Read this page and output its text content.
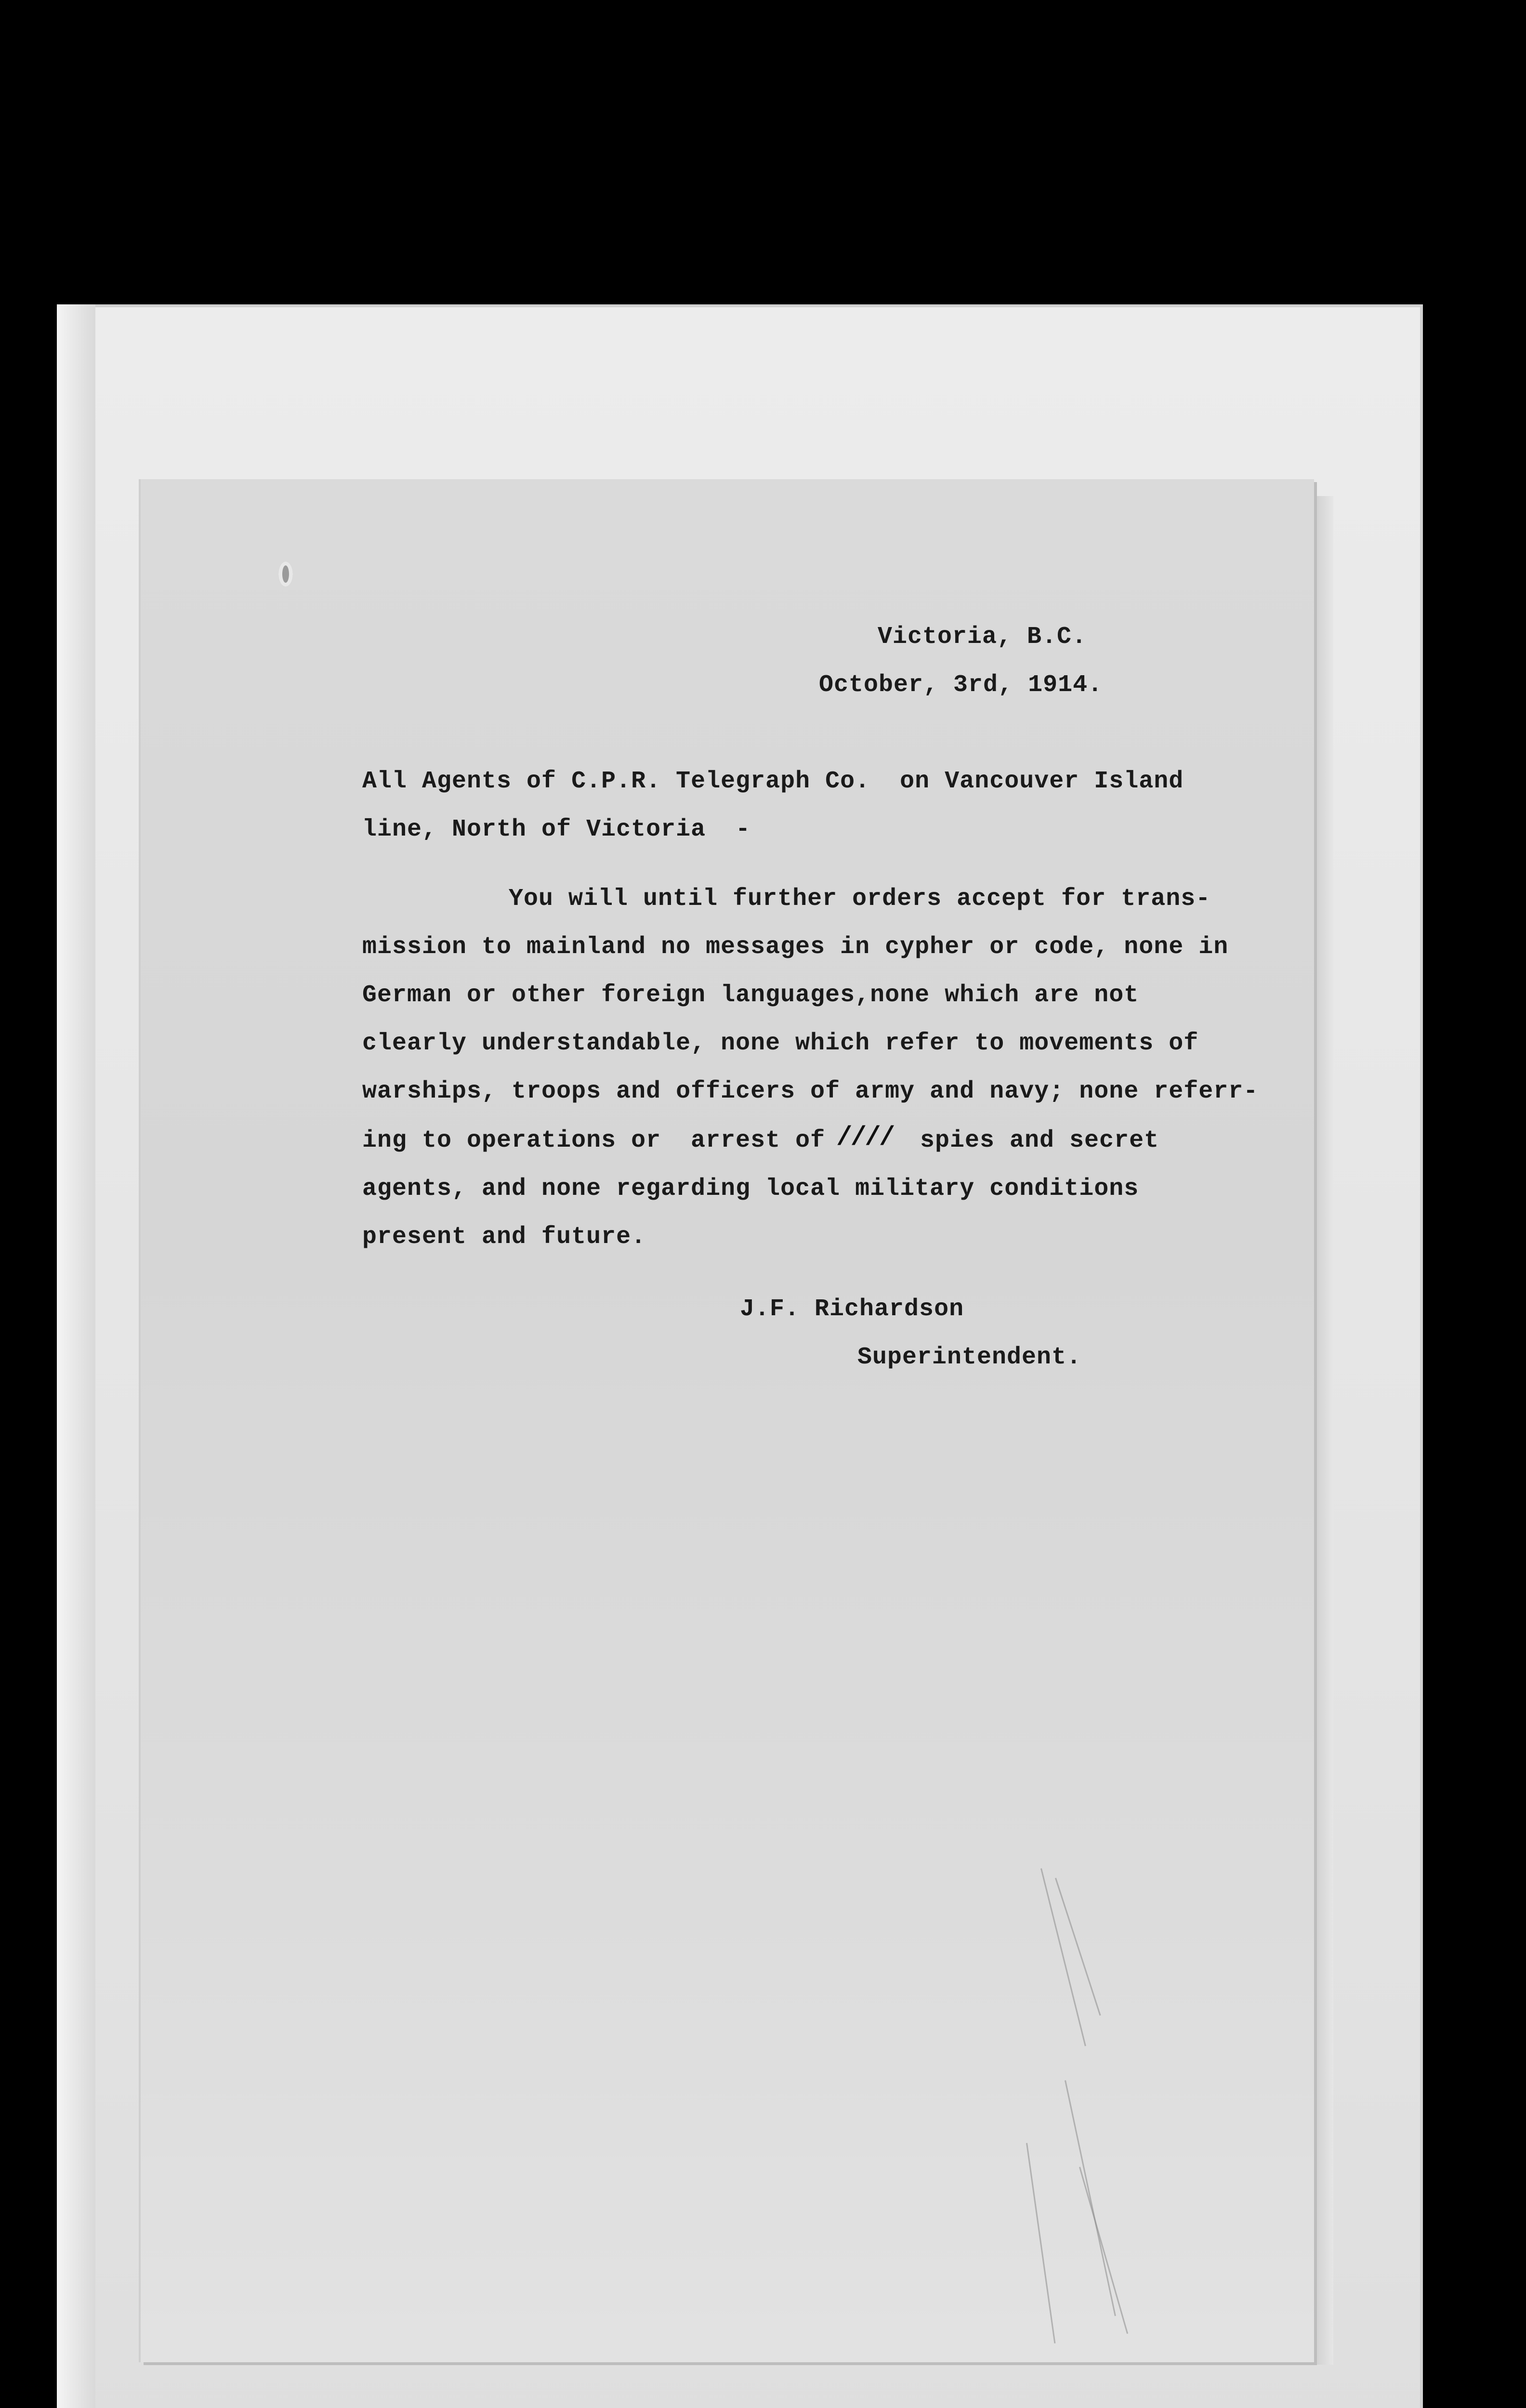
Victoria, B.C.
October, 3rd, 1914.
All Agents of C.P.R. Telegraph Co.  on Vancouver Island
line, North of Victoria  -
You will until further orders accept for trans-
mission to mainland no messages in cypher or code, none in
German or other foreign languages,none which are not
clearly understandable, none which refer to movements of
warships, troops and officers of army and navy; none referr-
ing to operations or  arrest of
////	spies and secret
agents, and none regarding local military conditions
present and future.
J.F. Richardson
Superintendent.
